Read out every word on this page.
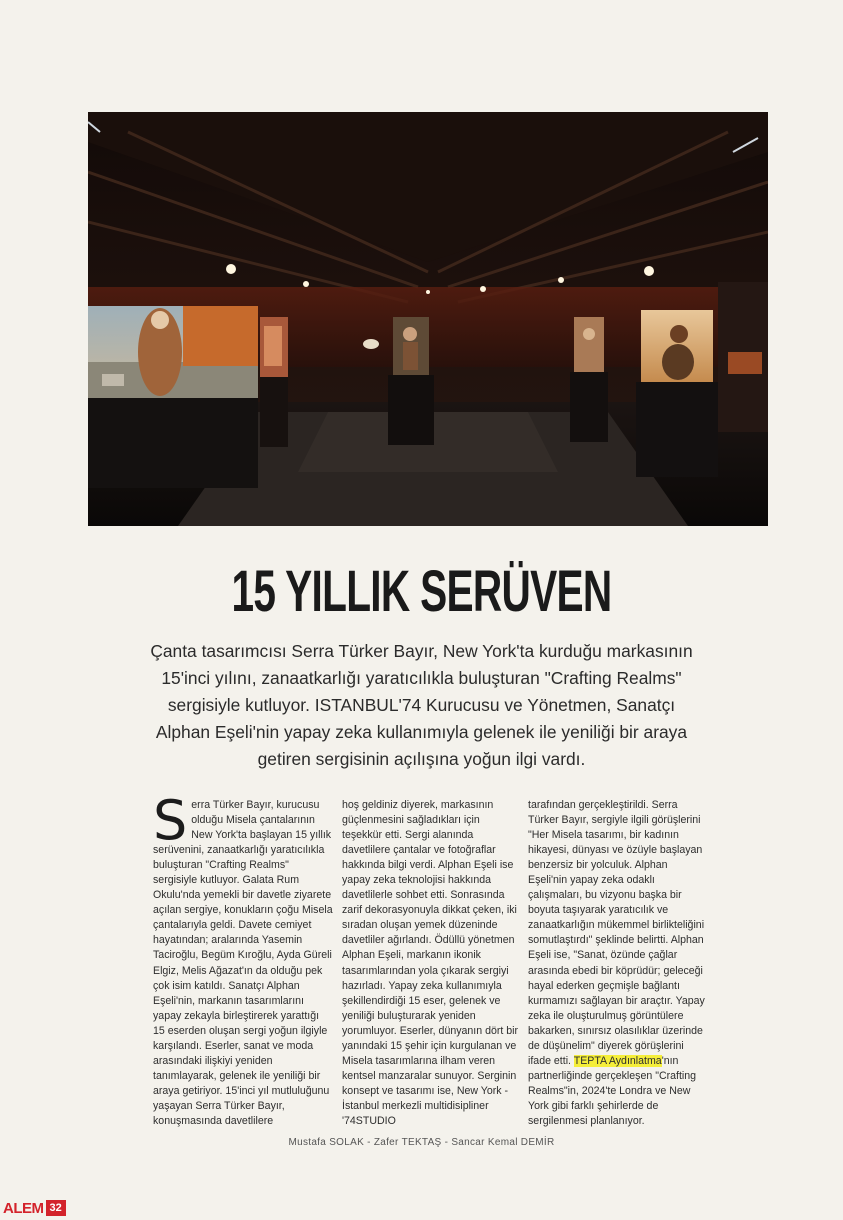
15 YILLIK SERÜVEN
Çanta tasarımcısı Serra Türker Bayır, New York'ta kurduğu markasının 15'inci yılını, zanaatkarlığı yaratıcılıkla buluşturan "Crafting Realms" sergisiyle kutluyor. ISTANBUL'74 Kurucusu ve Yönetmen, Sanatçı Alphan Eşeli'nin yapay zeka kullanımıyla gelenek ile yeniliği bir araya getiren sergisinin açılışına yoğun ilgi vardı.
S erra Türker Bayır, kurucusu olduğu Misela çantalarının New York'ta başlayan 15 yıllık serüvenini, zanaatkarlığı yaratıcılıkla buluşturan "Crafting Realms" sergisiyle kutluyor. Galata Rum Okulu'nda yemekli bir davetle ziyarete açılan sergiye, konukların çoğu Misela çantalarıyla geldi. Davete cemiyet hayatından; aralarında Yasemin Taciroğlu, Begüm Kıroğlu, Ayda Güreli Elgiz, Melis Ağazat'ın da olduğu pek çok isim katıldı. Sanatçı Alphan Eşeli'nin, markanın tasarımlarını yapay zekayla birleştirerek yarattığı 15 eserden oluşan sergi yoğun ilgiyle karşılandı. Eserler, sanat ve moda arasındaki ilişkiyi yeniden tanımlayarak, gelenek ile yeniliği bir araya getiriyor. 15'inci yıl mutluluğunu yaşayan Serra Türker Bayır, konuşmasında davetlilere
hoş geldiniz diyerek, markasının güçlenmesini sağladıkları için teşekkür etti. Sergi alanında davetlilere çantalar ve fotoğraflar hakkında bilgi verdi. Alphan Eşeli ise yapay zeka teknolojisi hakkında davetlilerle sohbet etti. Sonrasında zarif dekorasyonuyla dikkat çeken, iki sıradan oluşan yemek düzeninde davetliler ağırlandı. Ödüllü yönetmen Alphan Eşeli, markanın ikonik tasarımlarından yola çıkarak sergiyi hazırladı. Yapay zeka kullanımıyla şekillendirdiği 15 eser, gelenek ve yeniliği buluşturarak yeniden yorumluyor. Eserler, dünyanın dört bir yanındaki 15 şehir için kurgulanan ve Misela tasarımlarına ilham veren kentsel manzaralar sunuyor. Serginin konsept ve tasarımı ise, New York - İstanbul merkezli multidisipliner '74STUDIO
tarafından gerçekleştirildi. Serra Türker Bayır, sergiyle ilgili görüşlerini "Her Misela tasarımı, bir kadının hikayesi, dünyası ve özüyle başlayan benzersiz bir yolculuk. Alphan Eşeli'nin yapay zeka odaklı çalışmaları, bu vizyonu başka bir boyuta taşıyarak yaratıcılık ve zanaatkarlığın mükemmel birlikteliğini somutlaştırdı" şeklinde belirtti. Alphan Eşeli ise, "Sanat, özünde çağlar arasında ebedi bir köprüdür; geleceği hayal ederken geçmişle bağlantı kurmamızı sağlayan bir araçtır. Yapay zeka ile oluşturulmuş görüntülere bakarken, sınırsız olasılıklar üzerinde de düşünelim" diyerek görüşlerini ifade etti. TEPTA Aydınlatma'nın partnerliğinde gerçekleşen "Crafting Realms"in, 2024'te Londra ve New York gibi farklı şehirlerde de sergilenmesi planlanıyor.
Mustafa SOLAK - Zafer TEKTAŞ - Sancar Kemal DEMİR
ALEM 32
